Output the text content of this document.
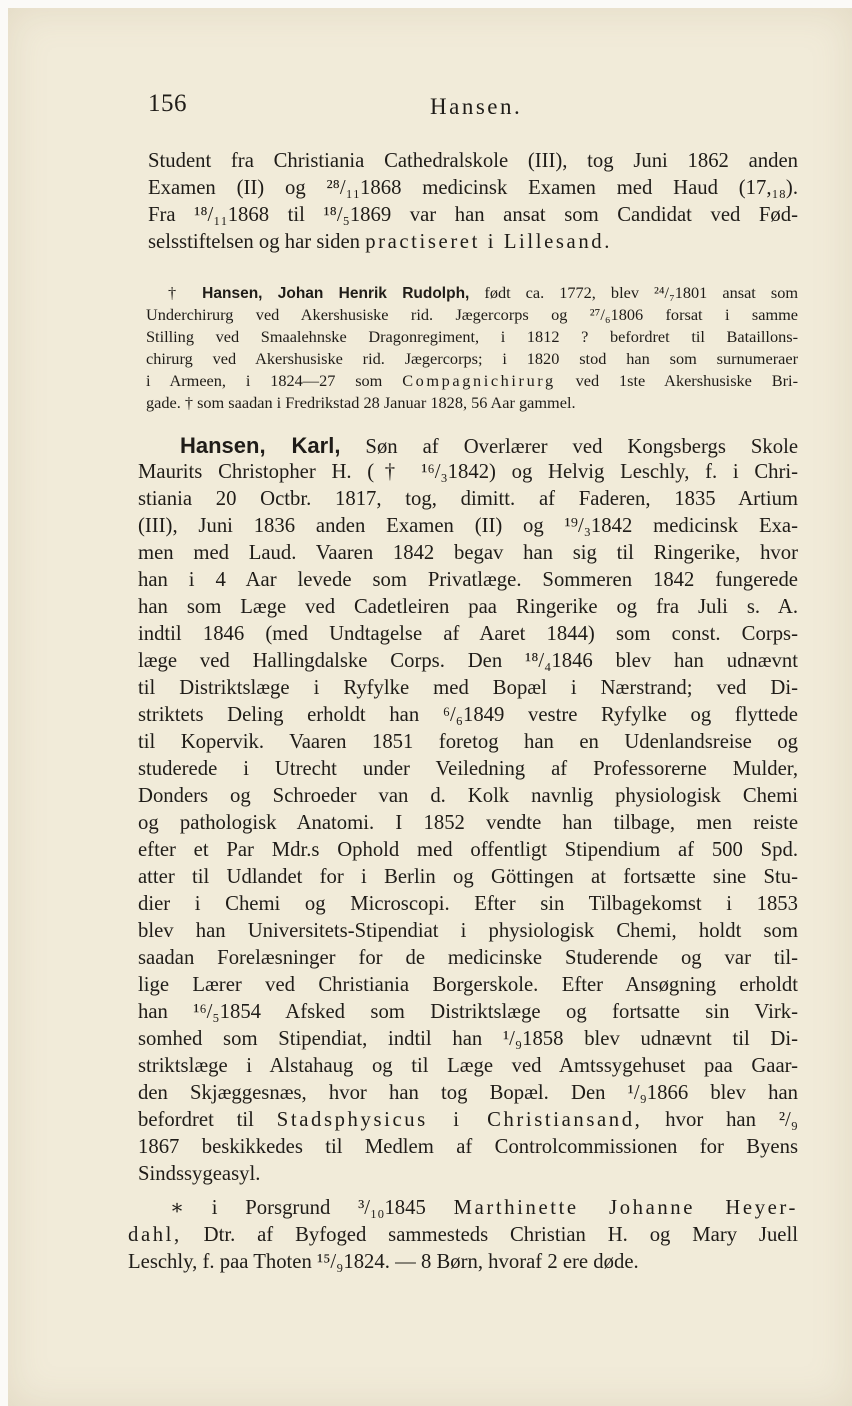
156	Hansen.
Student fra Christiania Cathedralskole (III), tog Juni 1862 anden
Examen (II) og ²⁸/₁₁1868 medicinsk Examen med Haud (17,₁₈).
Fra ¹⁸/₁₁1868 til ¹⁸/₅1869 var han ansat som Candidat ved Fød-
selsstiftelsen og har siden practiseret i Lillesand.
† Hansen, Johan Henrik Rudolph, født ca. 1772, blev ²⁴/₇1801 ansat som
Underchirurg ved Akershusiske rid. Jægercorps og ²⁷/₆1806 forsat i samme
Stilling ved Smaalehnske Dragonregiment, i 1812 ? befordret til Bataillons-
chirurg ved Akershusiske rid. Jægercorps; i 1820 stod han som surnumeraer
i Armeen, i 1824—27 som Compagnichirurg ved 1ste Akershusiske Bri-
gade. † som saadan i Fredrikstad 28 Januar 1828, 56 Aar gammel.
Hansen, Karl, Søn af Overlærer ved Kongsbergs Skole
Maurits Christopher H. († ¹⁶/₃1842) og Helvig Leschly, f. i Chri-
stiania 20 Octbr. 1817, tog, dimitt. af Faderen, 1835 Artium
(III), Juni 1836 anden Examen (II) og ¹⁹/₃1842 medicinsk Exa-
men med Laud. Vaaren 1842 begav han sig til Ringerike, hvor
han i 4 Aar levede som Privatlæge. Sommeren 1842 fungerede
han som Læge ved Cadetleiren paa Ringerike og fra Juli s. A.
indtil 1846 (med Undtagelse af Aaret 1844) som const. Corps-
læge ved Hallingdalske Corps. Den ¹⁸/₄1846 blev han udnævnt
til Distriktslæge i Ryfylke med Bopæl i Nærstrand; ved Di-
striktets Deling erholdt han ⁶/₆1849 vestre Ryfylke og flyttede
til Kopervik. Vaaren 1851 foretog han en Udenlandsreise og
studerede i Utrecht under Veiledning af Professorerne Mulder,
Donders og Schroeder van d. Kolk navnlig physiologisk Chemi
og pathologisk Anatomi. I 1852 vendte han tilbage, men reiste
efter et Par Mdr.s Ophold med offentligt Stipendium af 500 Spd.
atter til Udlandet for i Berlin og Göttingen at fortsætte sine Stu-
dier i Chemi og Microscopi. Efter sin Tilbagekomst i 1853
blev han Universitets-Stipendiat i physiologisk Chemi, holdt som
saadan Forelæsninger for de medicinske Studerende og var til-
lige Lærer ved Christiania Borgerskole. Efter Ansøgning erholdt
han ¹⁶/₅1854 Afsked som Distriktslæge og fortsatte sin Virk-
somhed som Stipendiat, indtil han ¹/₉1858 blev udnævnt til Di-
striktslæge i Alstahaug og til Læge ved Amtssygehuset paa Gaar-
den Skjæggesnæs, hvor han tog Bopæl. Den ¹/₉1866 blev han
befordret til Stadsphysicus i Christiansand, hvor han ²/₉
1867 beskikkedes til Medlem af Controlcommissionen for Byens
Sindssygeasyl.
∗ i Porsgrund ³/₁₀1845 Marthinette Johanne Heyer-
dahl, Dtr. af Byfoged sammesteds Christian H. og Mary Juell
Leschly, f. paa Thoten ¹⁵/₉1824. — 8 Børn, hvoraf 2 ere døde.
